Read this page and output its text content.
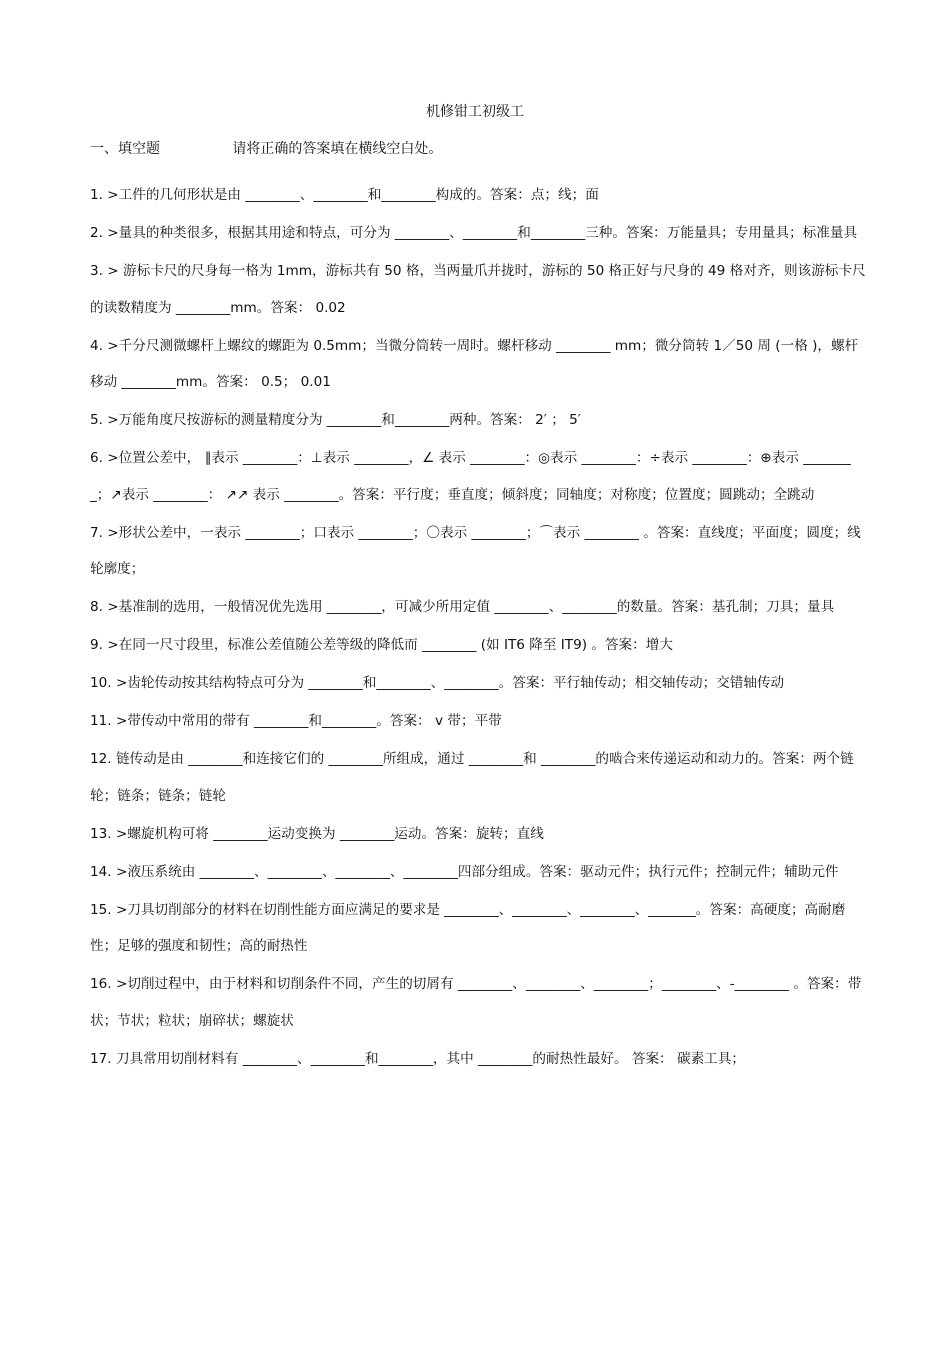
机修钳工初级工
一、填空题		请将正确的答案填在横线空白处。
1. >工件的几何形状是由 ________、________和________构成的。答案：点；线；面
2. >量具的种类很多，根据其用途和特点，可分为 ________、________和________三种。答案：万能量具；专用量具；标准量具
3. > 游标卡尺的尺身每一格为 1mm，游标共有 50 格，当两量爪并拢时，游标的 50 格正好与尺身的 49 格对齐，则该游标卡尺的读数精度为 ________mm。答案： 0.02
4. >千分尺测微螺杆上螺纹的螺距为 0.5mm；当微分筒转一周时。螺杆移动 ________ mm；微分筒转 1／50 周 (一格 )，螺杆移动 ________mm。答案： 0.5； 0.01
5. >万能角度尺按游标的测量精度分为 ________和________两种。答案： 2′ ； 5′
6. >位置公差中， ∥表示 ________：⊥表示 ________，∠ 表示 ________：◎表示 ________：÷表示 ________：⊕表示 ________；↗表示 ________： ↗↗ 表示 ________。答案：平行度；垂直度；倾斜度；同轴度；对称度；位置度；圆跳动；全跳动
7. >形状公差中，一表示 ________；口表示 ________；〇表示 ________；⌒表示 ________ 。答案：直线度；平面度；圆度；线轮廓度；
8. >基准制的选用，一般情况优先选用 ________，可减少所用定值 ________、________的数量。答案：基孔制；刀具；量具
9. >在同一尺寸段里，标准公差值随公差等级的降低而 ________ (如 IT6 降至 IT9) 。答案：增大
10. >齿轮传动按其结构特点可分为 ________和________、________。答案：平行轴传动；相交轴传动；交错轴传动
11. >带传动中常用的带有 ________和________。答案： v 带；平带
12. 链传动是由 ________和连接它们的 ________所组成，通过 ________和 ________的啮合来传递运动和动力的。答案：两个链轮；链条；链条；链轮
13. >螺旋机构可将 ________运动变换为 ________运动。答案：旋转；直线
14. >液压系统由 ________、________、________、________四部分组成。答案：驱动元件；执行元件；控制元件；辅助元件
15. >刀具切削部分的材料在切削性能方面应满足的要求是 ________、________、________、_______。答案：高硬度；高耐磨性；足够的强度和韧性；高的耐热性
16. >切削过程中，由于材料和切削条件不同，产生的切屑有 ________、________、________；________、-________ 。答案：带状；节状；粒状；崩碎状；螺旋状
17. 刀具常用切削材料有 ________、________和________，其中 ________的耐热性最好。 答案： 碳素工具；
